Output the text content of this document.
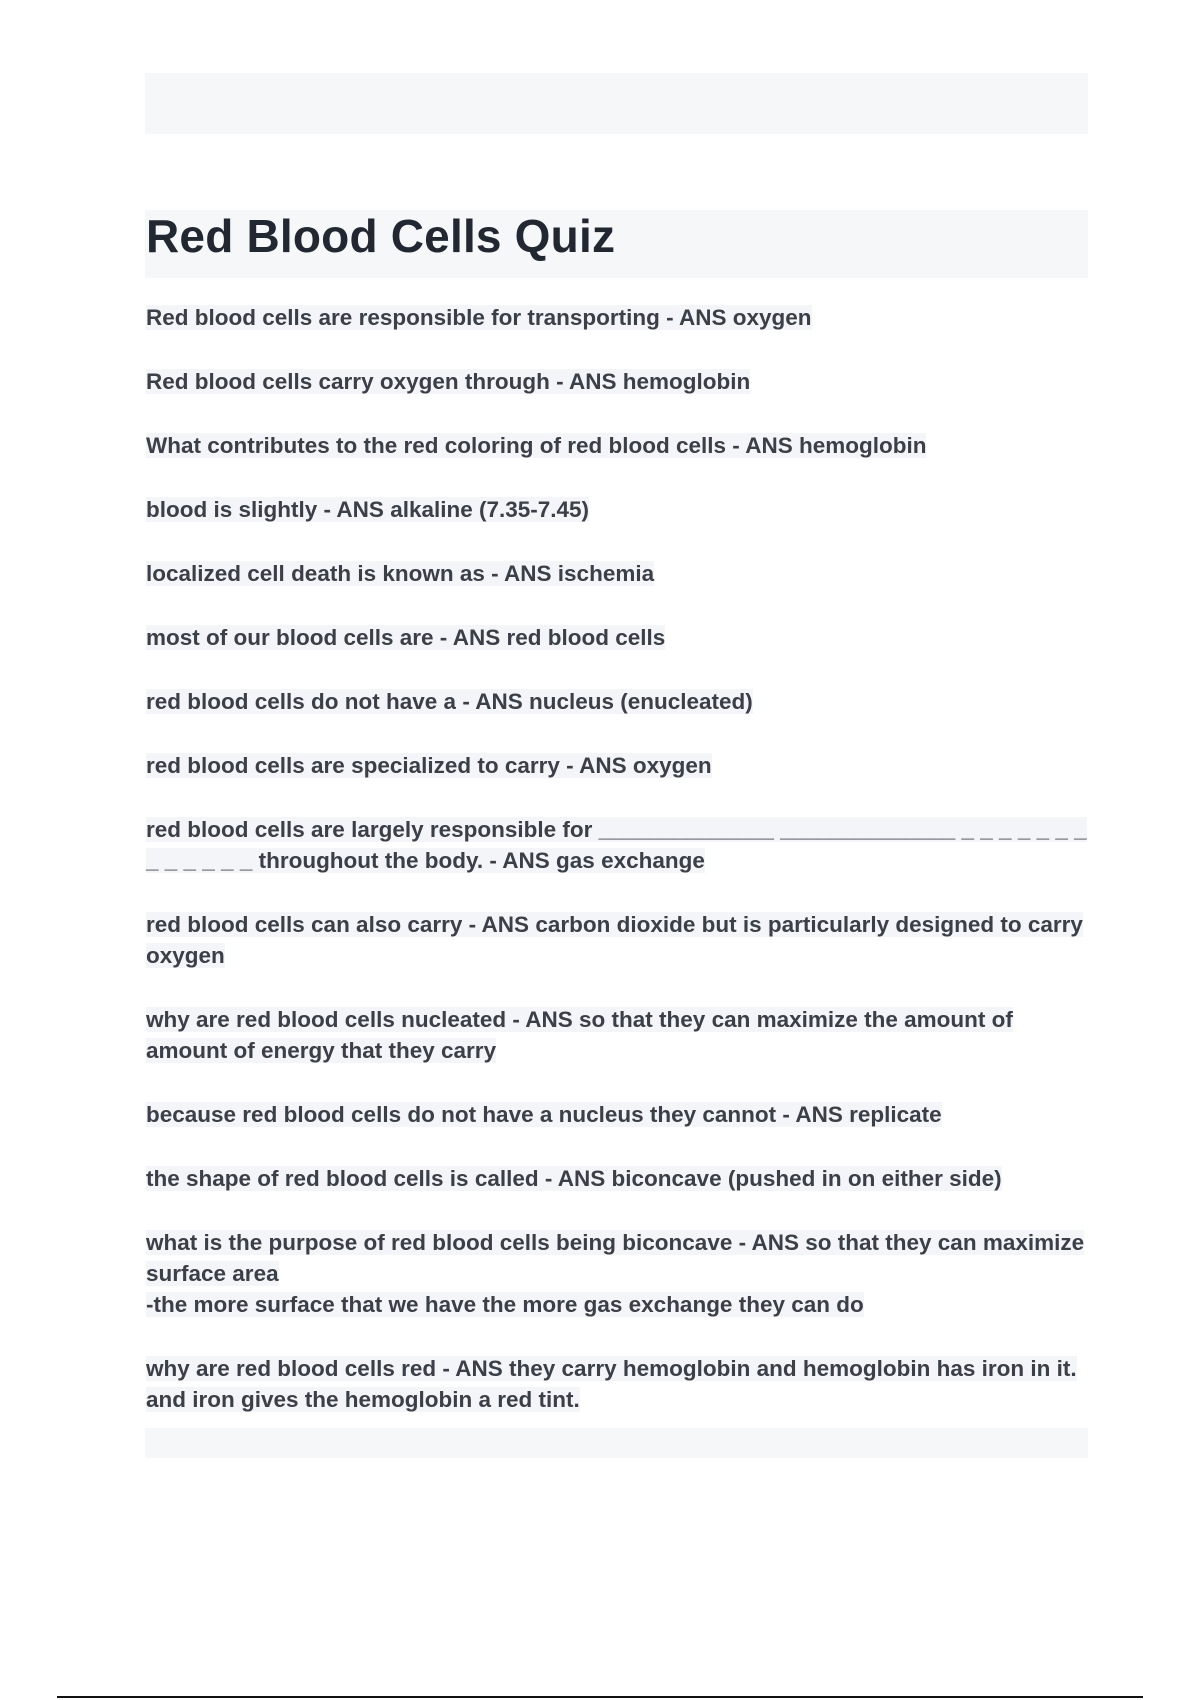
Red Blood Cells Quiz

Red blood cells are responsible for transporting - ANS oxygen

Red blood cells carry oxygen through - ANS hemoglobin

What contributes to the red coloring of red blood cells - ANS hemoglobin

blood is slightly - ANS alkaline (7.35-7.45)

localized cell death is known as - ANS ischemia

most of our blood cells are - ANS red blood cells

red blood cells do not have a - ANS nucleus (enucleated)

red blood cells are specialized to carry - ANS oxygen

red blood cells are largely responsible for ______________ ______________ _ _ _ _ _ _ _ _ _ _ _ _ _ throughout the body. - ANS gas exchange

red blood cells can also carry - ANS carbon dioxide but is particularly designed to carry oxygen

why are red blood cells nucleated - ANS so that they can maximize the amount of amount of energy that they carry

because red blood cells do not have a nucleus they cannot - ANS replicate

the shape of red blood cells is called - ANS biconcave (pushed in on either side)

what is the purpose of red blood cells being biconcave - ANS so that they can maximize surface area
-the more surface that we have the more gas exchange they can do

why are red blood cells red - ANS they carry hemoglobin and hemoglobin has iron in it. and iron gives the hemoglobin a red tint.
